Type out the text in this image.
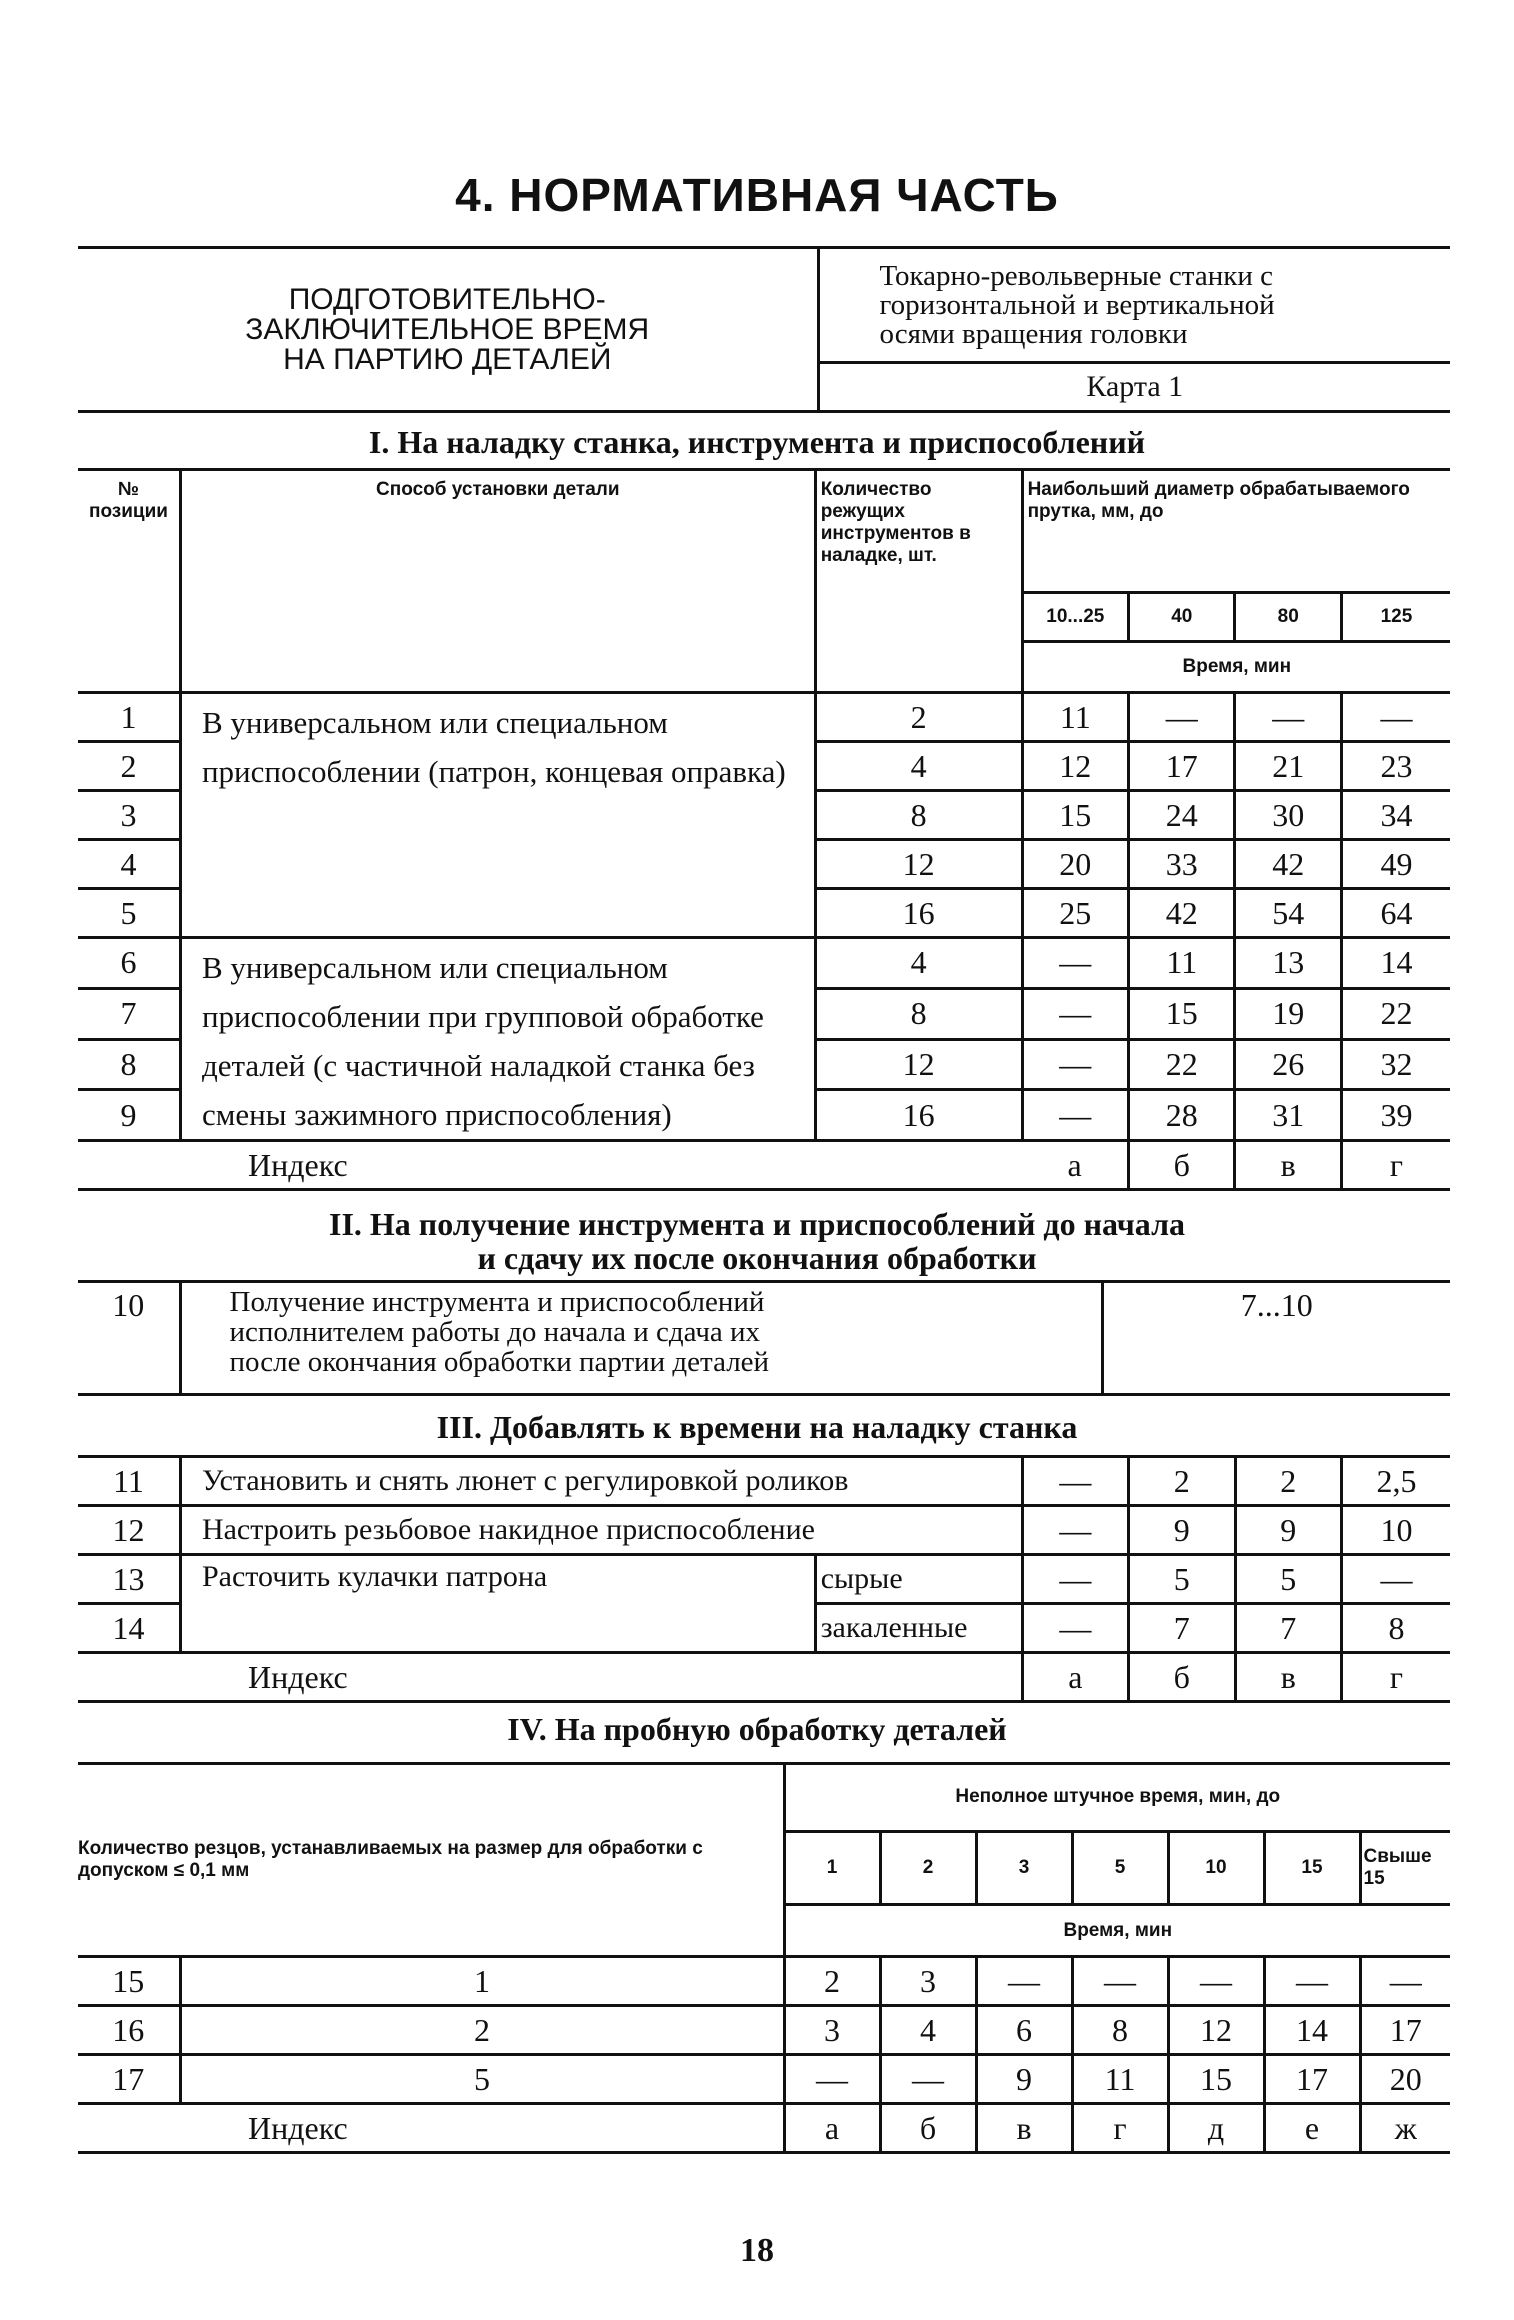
4. НОРМАТИВНАЯ ЧАСТЬ
ПОДГОТОВИТЕЛЬНО-
ЗАКЛЮЧИТЕЛЬНОЕ ВРЕМЯ
НА ПАРТИЮ ДЕТАЛЕЙ

Токарно-револьверные станки с
горизонтальной и вертикальной
осями вращения головки

Карта 1
I. На наладку станка, инструмента и приспособлений
№ позиции	Способ установки детали	Количество режущих инструментов в наладке, шт.	Наибольший диаметр обрабатываемого прутка, мм, до			
			10...25	40	80	125
			Время, мин			
1	В универсальном или специальном приспособлении (патрон, концевая оправка)	2	11	—	—	—
2		4	12	17	21	23
3		8	15	24	30	34
4		12	20	33	42	49
5		16	25	42	54	64
6	В универсальном или специальном приспособлении при групповой обработке деталей (с частичной наладкой станка без смены зажимного приспособления)	4	—	11	13	14
7		8	—	15	19	22
8		12	—	22	26	32
9		16	—	28	31	39
Индекс			а	б	в	г
II. На получение инструмента и приспособлений до начала
и сдачу их после окончания обработки
10	Получение инструмента и приспособлений исполнителем работы до начала и сдача их после окончания обработки партии деталей	7...10
III. Добавлять к времени на наладку станка
11	Установить и снять люнет с регулировкой роликов		—	2	2	2,5
12	Настроить резьбовое накидное приспособление		—	9	9	10
13	Расточить кулачки патрона	сырые	—	5	5	—
14		закаленные	—	7	7	8
Индекс			а	б	в	г
IV. На пробную обработку деталей
Количество резцов, устанавливаемых на размер для обработки с допуском ≤ 0,1 мм		Неполное штучное время, мин, до						
		1	2	3	5	10	15	Свыше 15
		Время, мин						
15	1	2	3	—	—	—	—	—
16	2	3	4	6	8	12	14	17
17	5	—	—	9	11	15	17	20
Индекс		а	б	в	г	д	е	ж
18
